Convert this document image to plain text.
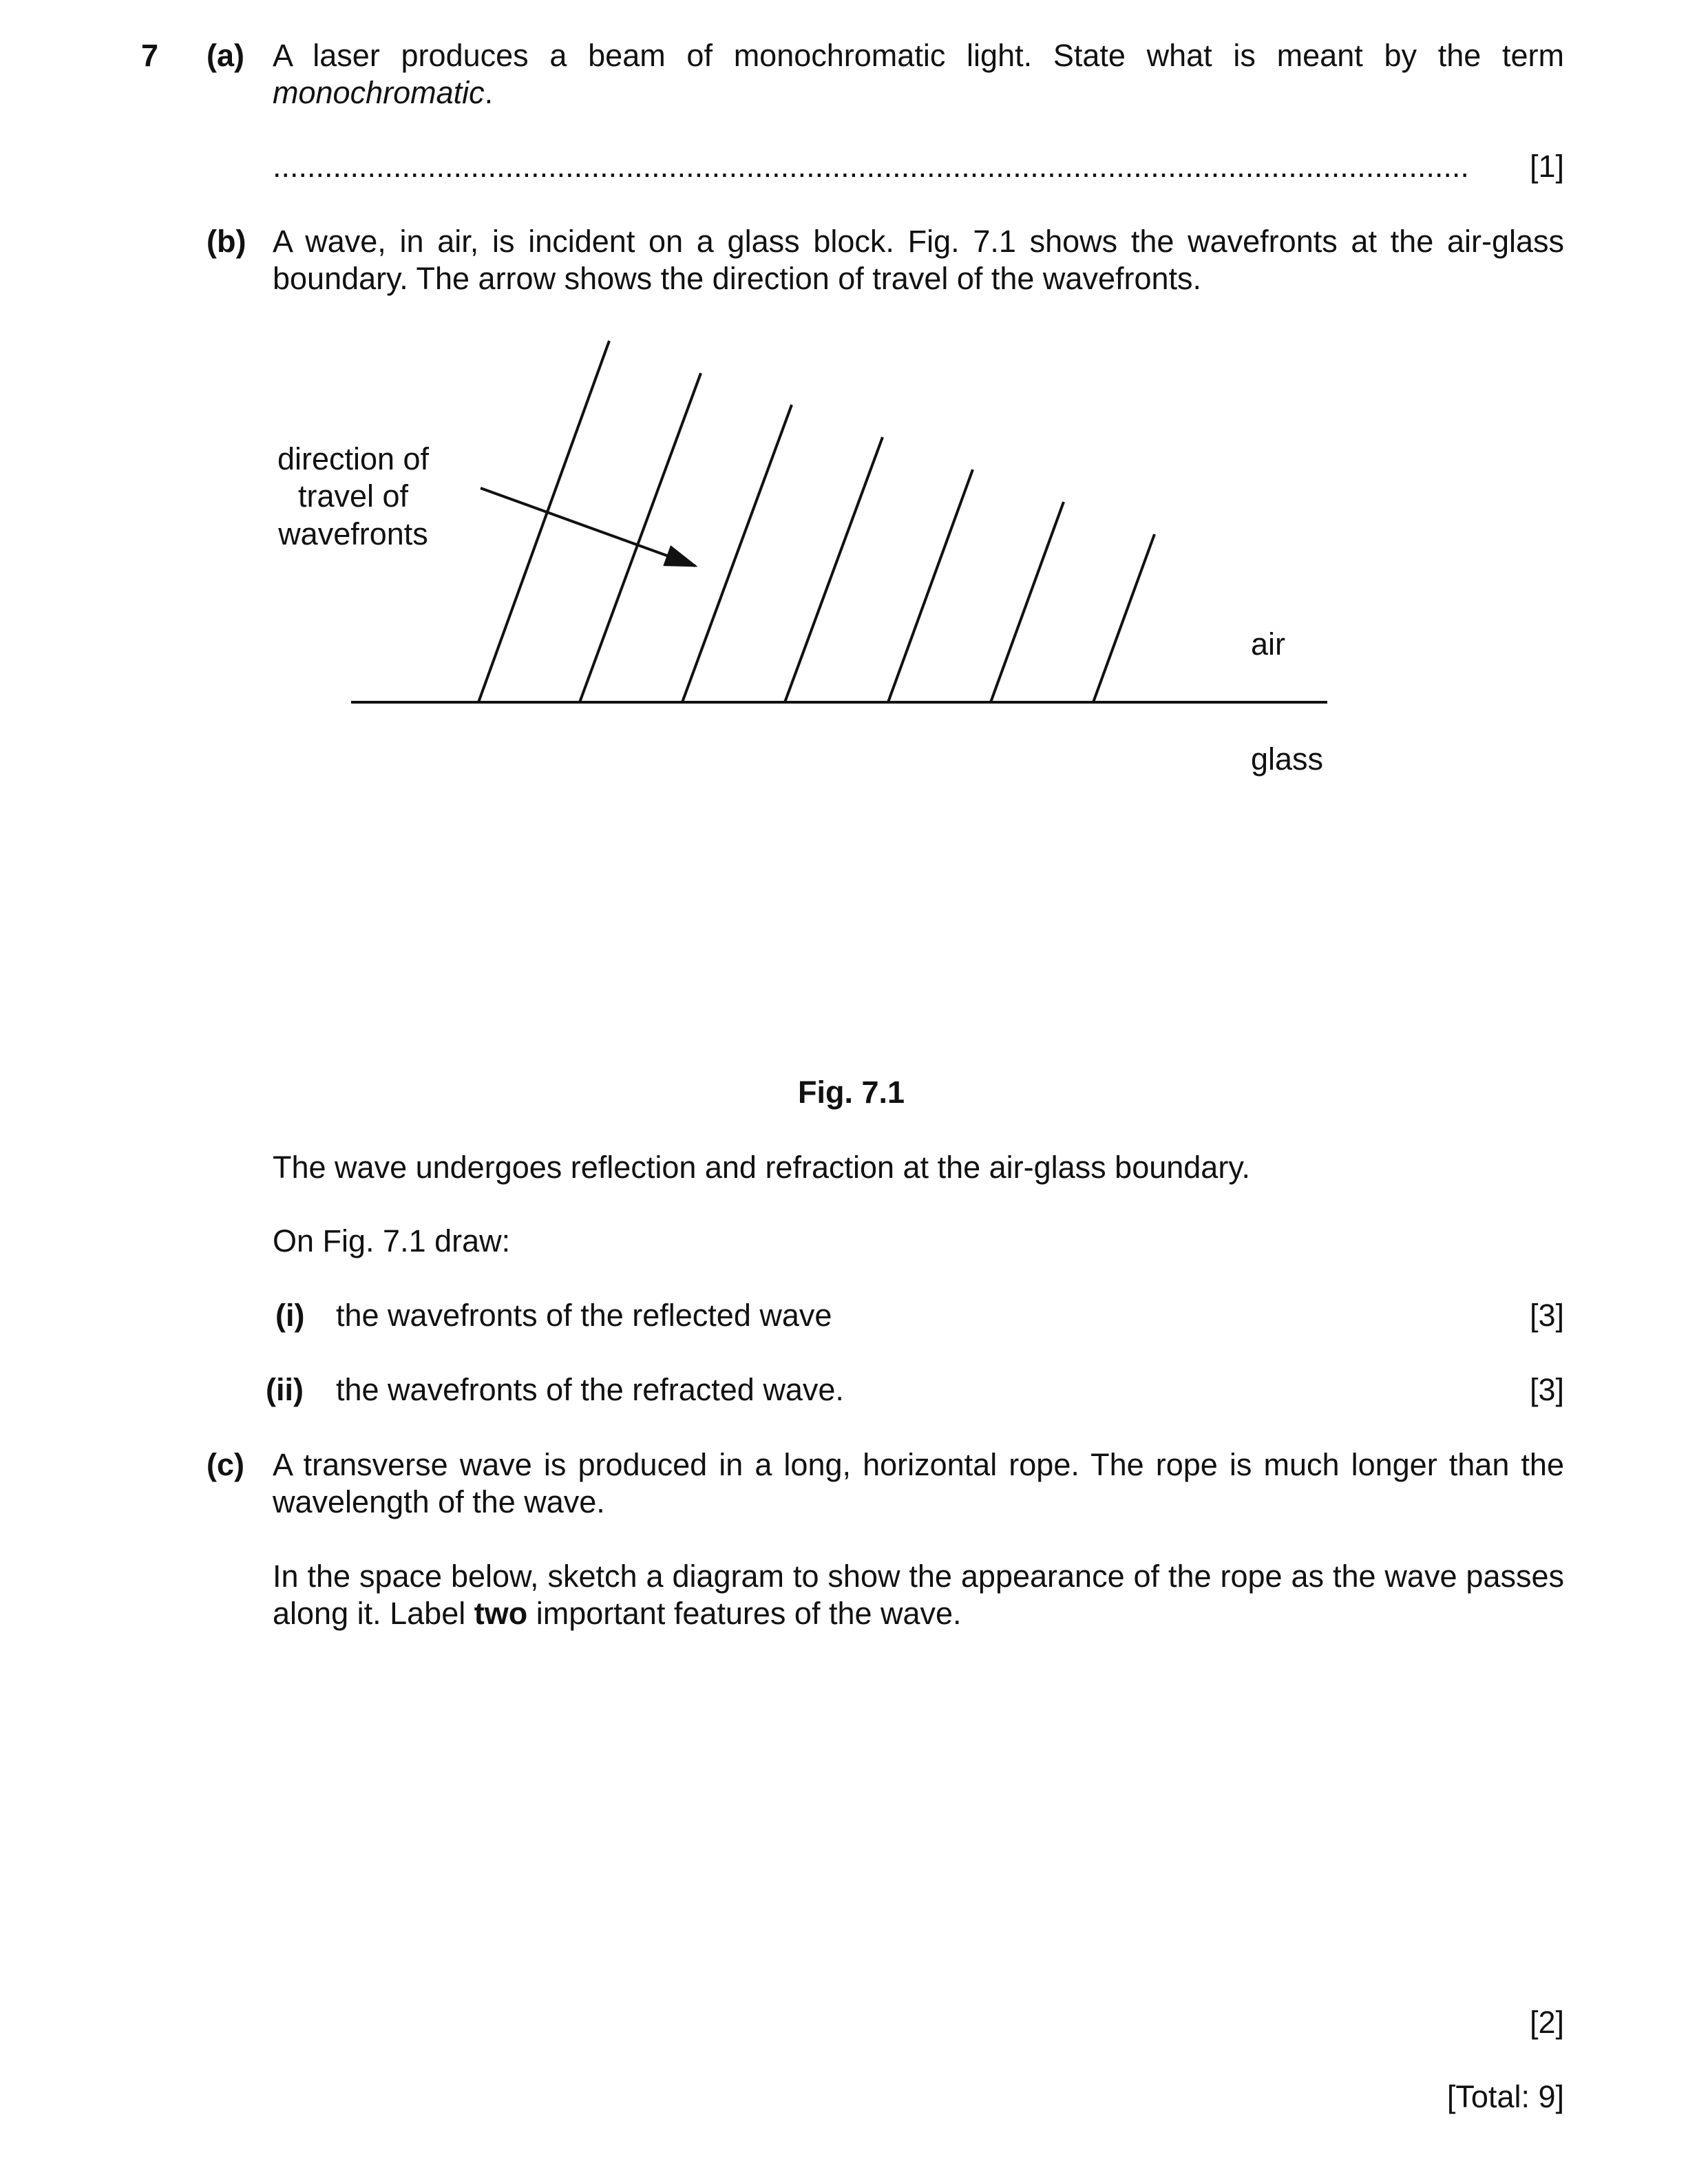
7 (a) A laser produces a beam of monochromatic light. State what is meant by the term
monochromatic.
...........................................................................................................................................	[1]
(b) A wave, in air, is incident on a glass block. Fig. 7.1 shows the wavefronts at the air-glass
boundary. The arrow shows the direction of travel of the wavefronts.
direction of
travel of
wavefronts
air
glass
Fig. 7.1
The wave undergoes reflection and refraction at the air-glass boundary.
On Fig. 7.1 draw:
(i) the wavefronts of the reflected wave	[3]
(ii) the wavefronts of the refracted wave.	[3]
(c) A transverse wave is produced in a long, horizontal rope. The rope is much longer than the
wavelength of the wave.
In the space below, sketch a diagram to show the appearance of the rope as the wave passes
along it. Label two important features of the wave.
[2]
[Total: 9]
